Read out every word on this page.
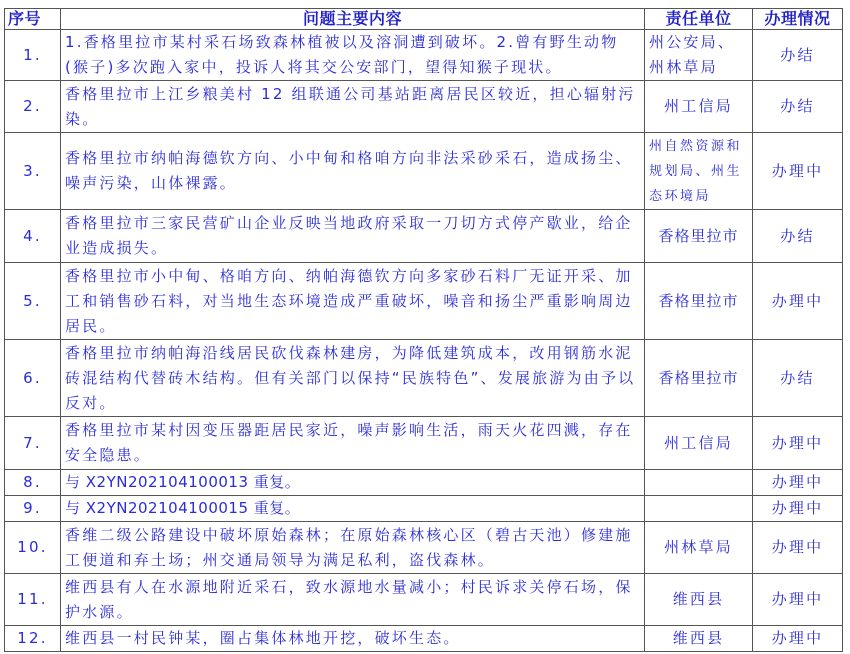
序号	问题主要内容	责任单位	办理情况
1.	1.香格里拉市某村采石场致森林植被以及溶洞遭到破坏。2.曾有野生动物(猴子)多次跑入家中，投诉人将其交公安部门，望得知猴子现状。	州公安局、州林草局	办结
2.	香格里拉市上江乡粮美村 12 组联通公司基站距离居民区较近，担心辐射污染。	州工信局	办结
3.	香格里拉市纳帕海德钦方向、小中甸和格咱方向非法采砂采石，造成扬尘、噪声污染，山体裸露。	州自然资源和规划局、州生态环境局	办理中
4.	香格里拉市三家民营矿山企业反映当地政府采取一刀切方式停产歇业，给企业造成损失。	香格里拉市	办结
5.	香格里拉市小中甸、格咱方向、纳帕海德钦方向多家砂石料厂无证开采、加工和销售砂石料，对当地生态环境造成严重破坏，噪音和扬尘严重影响周边居民。	香格里拉市	办理中
6.	香格里拉市纳帕海沿线居民砍伐森林建房，为降低建筑成本，改用钢筋水泥砖混结构代替砖木结构。但有关部门以保持“民族特色”、发展旅游为由予以反对。	香格里拉市	办结
7.	香格里拉市某村因变压器距居民家近，噪声影响生活，雨天火花四溅，存在安全隐患。	州工信局	办理中
8.	与 X2YN202104100013 重复。		办理中
9.	与 X2YN202104100015 重复。		办理中
10.	香维二级公路建设中破坏原始森林；在原始森林核心区（碧古天池）修建施工便道和弃土场；州交通局领导为满足私利，盗伐森林。	州林草局	办理中
11.	维西县有人在水源地附近采石，致水源地水量减小；村民诉求关停石场，保护水源。	维西县	办理中
12.	维西县一村民钟某，圈占集体林地开挖，破坏生态。	维西县	办理中
